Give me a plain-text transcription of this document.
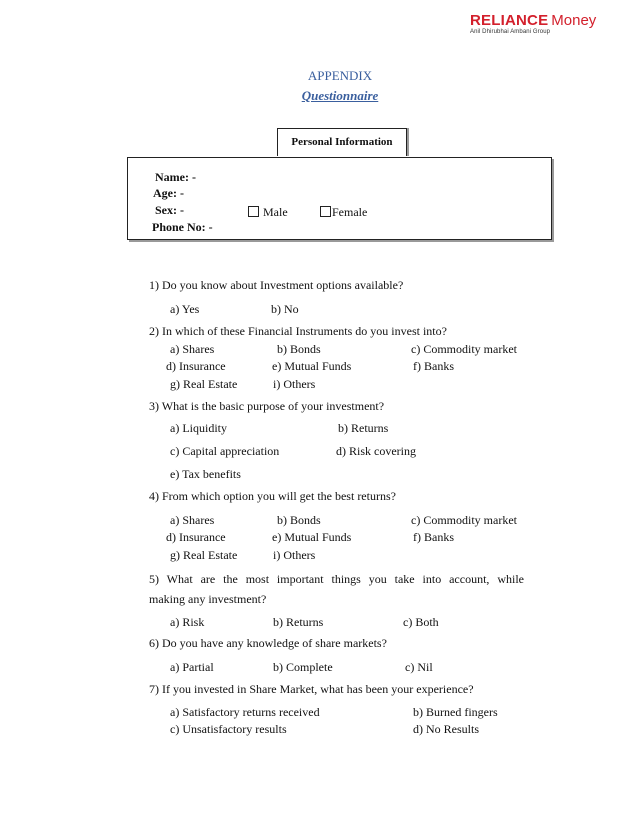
RELIANCE Money
Anil Dhirubhai Ambani Group
APPENDIX
Questionnaire
Personal Information
Name: -
Age: -
Sex: -	Male	Female
Phone No: -
1) Do you know about Investment options available?
a) Yes	b) No
2) In which of these Financial Instruments do you invest into?
a) Shares	b) Bonds	c) Commodity market
d) Insurance	e) Mutual Funds	f) Banks
g) Real Estate	i) Others
3) What is the basic purpose of your investment?
a) Liquidity	b) Returns
c) Capital appreciation	d) Risk covering
e) Tax benefits
4) From which option you will get the best returns?
a) Shares	b) Bonds	c) Commodity market
d) Insurance	e) Mutual Funds	f) Banks
g) Real Estate	i) Others
5) What are the most important things you take into account, while
making any investment?
a) Risk	b) Returns	c) Both
6) Do you have any knowledge of share markets?
a) Partial	b) Complete	c) Nil
7) If you invested in Share Market, what has been your experience?
a) Satisfactory returns received	b) Burned fingers
c) Unsatisfactory results	d) No Results
